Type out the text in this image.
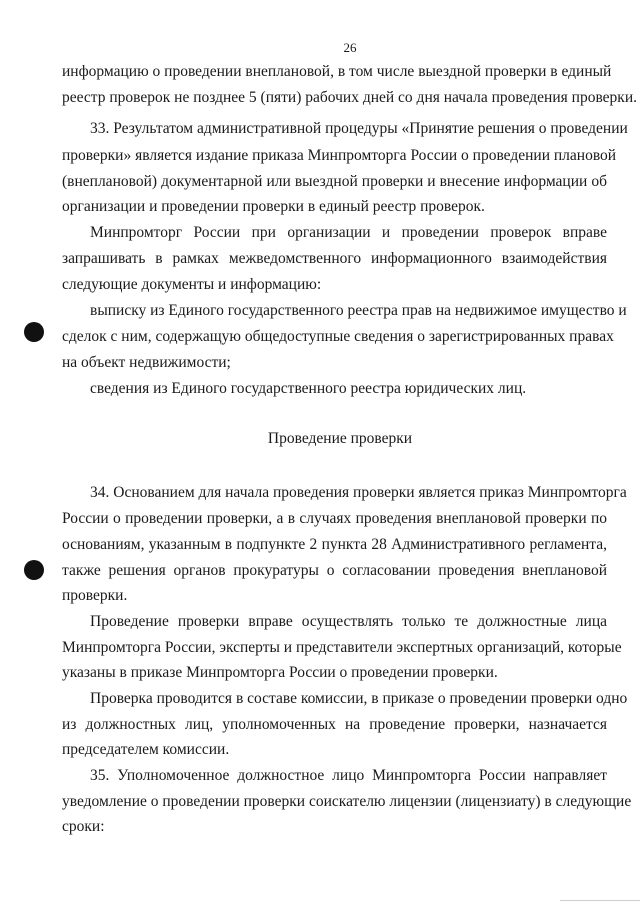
26
информацию о проведении внеплановой, в том числе выездной проверки в единый
реестр проверок не позднее 5 (пяти) рабочих дней со дня начала проведения проверки.
33. Результатом административной процедуры «Принятие решения о проведении
проверки» является издание приказа Минпромторга России о проведении плановой
(внеплановой) документарной или выездной проверки и внесение информации об
организации и проведении проверки в единый реестр проверок.
Минпромторг России при организации и проведении проверок вправе
запрашивать в рамках межведомственного информационного взаимодействия
следующие документы и информацию:
выписку из Единого государственного реестра прав на недвижимое имущество и
сделок с ним, содержащую общедоступные сведения о зарегистрированных правах
на объект недвижимости;
сведения из Единого государственного реестра юридических лиц.
Проведение проверки
34. Основанием для начала проведения проверки является приказ Минпромторга
России о проведении проверки, а в случаях проведения внеплановой проверки по
основаниям, указанным в подпункте 2 пункта 28 Административного регламента,
также решения органов прокуратуры о согласовании проведения внеплановой
проверки.
Проведение проверки вправе осуществлять только те должностные лица
Минпромторга России, эксперты и представители экспертных организаций, которые
указаны в приказе Минпромторга России о проведении проверки.
Проверка проводится в составе комиссии, в приказе о проведении проверки одно
из должностных лиц, уполномоченных на проведение проверки, назначается
председателем комиссии.
35. Уполномоченное должностное лицо Минпромторга России направляет
уведомление о проведении проверки соискателю лицензии (лицензиату) в следующие
сроки:
